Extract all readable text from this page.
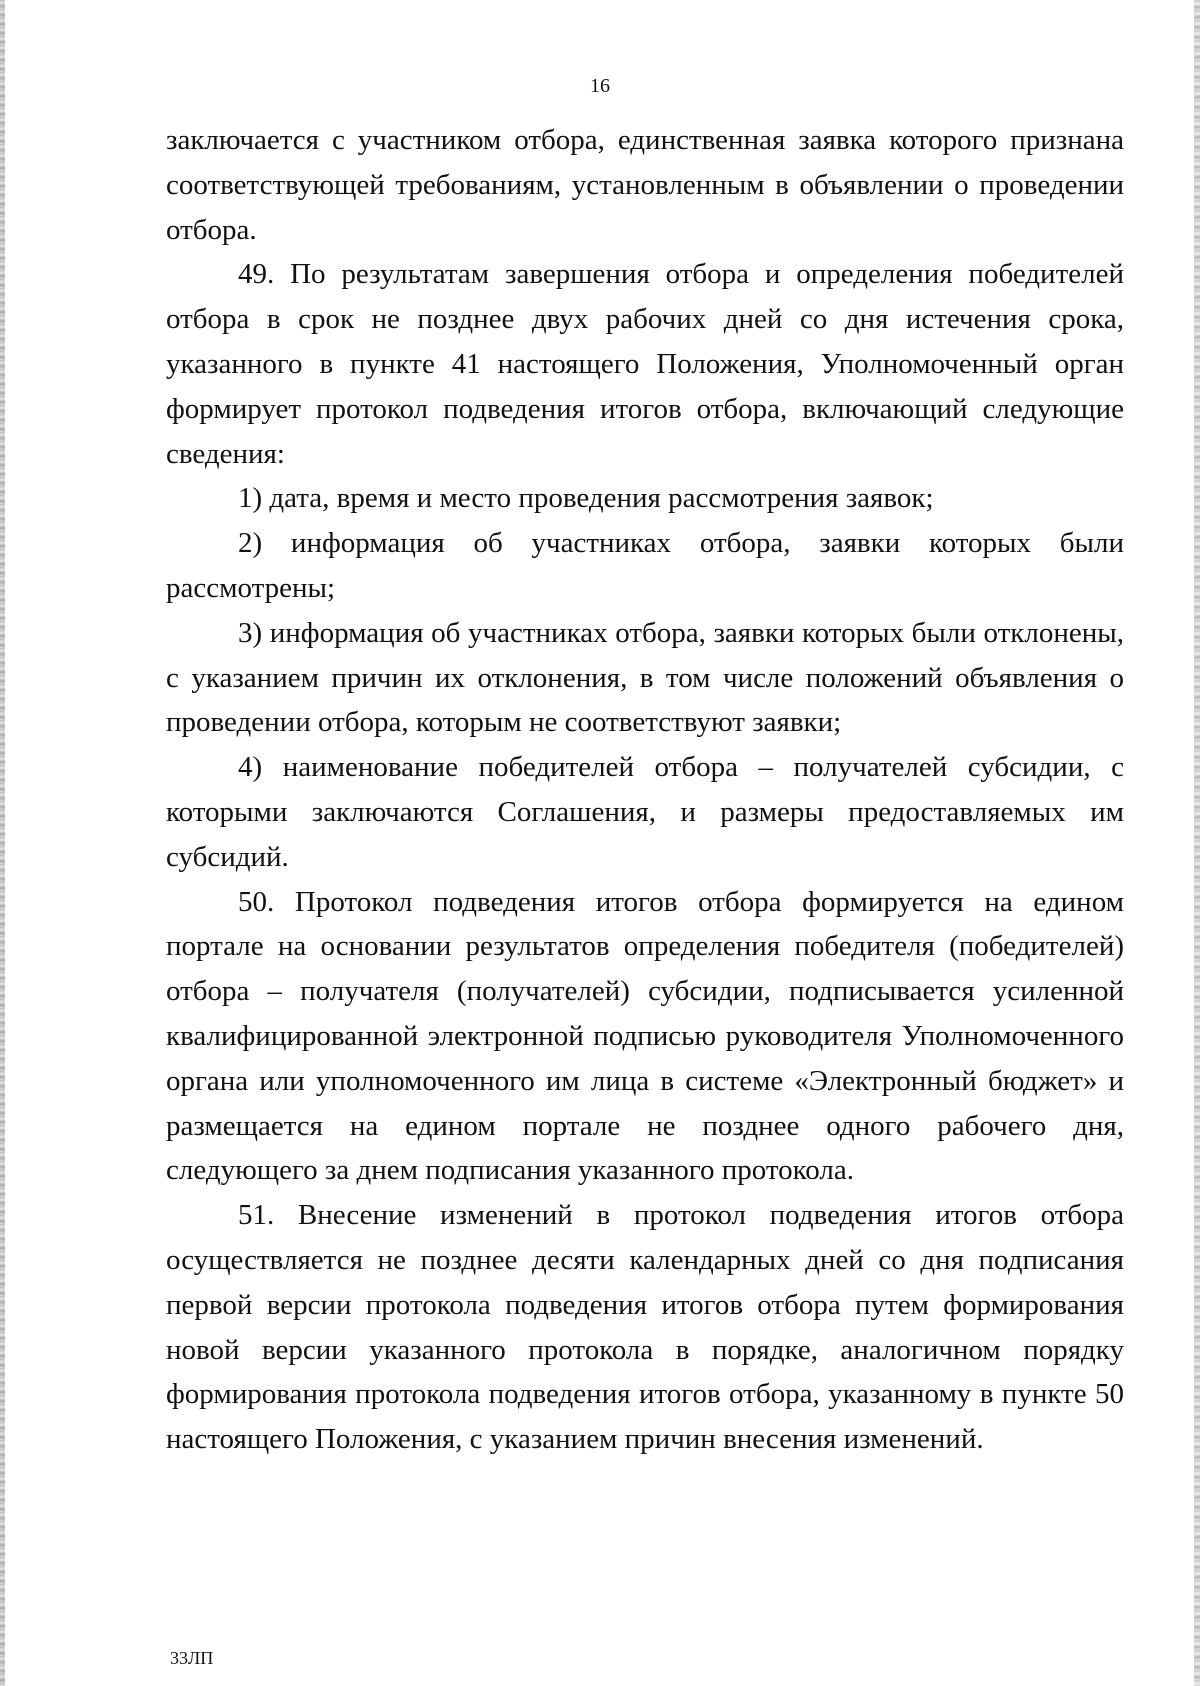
16

заключается с участником отбора, единственная заявка которого признана соответствующей требованиям, установленным в объявлении о проведении отбора.

49. По результатам завершения отбора и определения победителей отбора в срок не позднее двух рабочих дней со дня истечения срока, указанного в пункте 41 настоящего Положения, Уполномоченный орган формирует протокол подведения итогов отбора, включающий следующие сведения:

1) дата, время и место проведения рассмотрения заявок;

2) информация об участниках отбора, заявки которых были рассмотрены;

3) информация об участниках отбора, заявки которых были отклонены, с указанием причин их отклонения, в том числе положений объявления о проведении отбора, которым не соответствуют заявки;

4) наименование победителей отбора – получателей субсидии, с которыми заключаются Соглашения, и размеры предоставляемых им субсидий.

50. Протокол подведения итогов отбора формируется на едином портале на основании результатов определения победителя (победителей) отбора – получателя (получателей) субсидии, подписывается усиленной квалифицированной электронной подписью руководителя Уполномоченного органа или уполномоченного им лица в системе «Электронный бюджет» и размещается на едином портале не позднее одного рабочего дня, следующего за днем подписания указанного протокола.

51. Внесение изменений в протокол подведения итогов отбора осуществляется не позднее десяти календарных дней со дня подписания первой версии протокола подведения итогов отбора путем формирования новой версии указанного протокола в порядке, аналогичном порядку формирования протокола подведения итогов отбора, указанному в пункте 50 настоящего Положения, с указанием причин внесения изменений.

33ЛП
